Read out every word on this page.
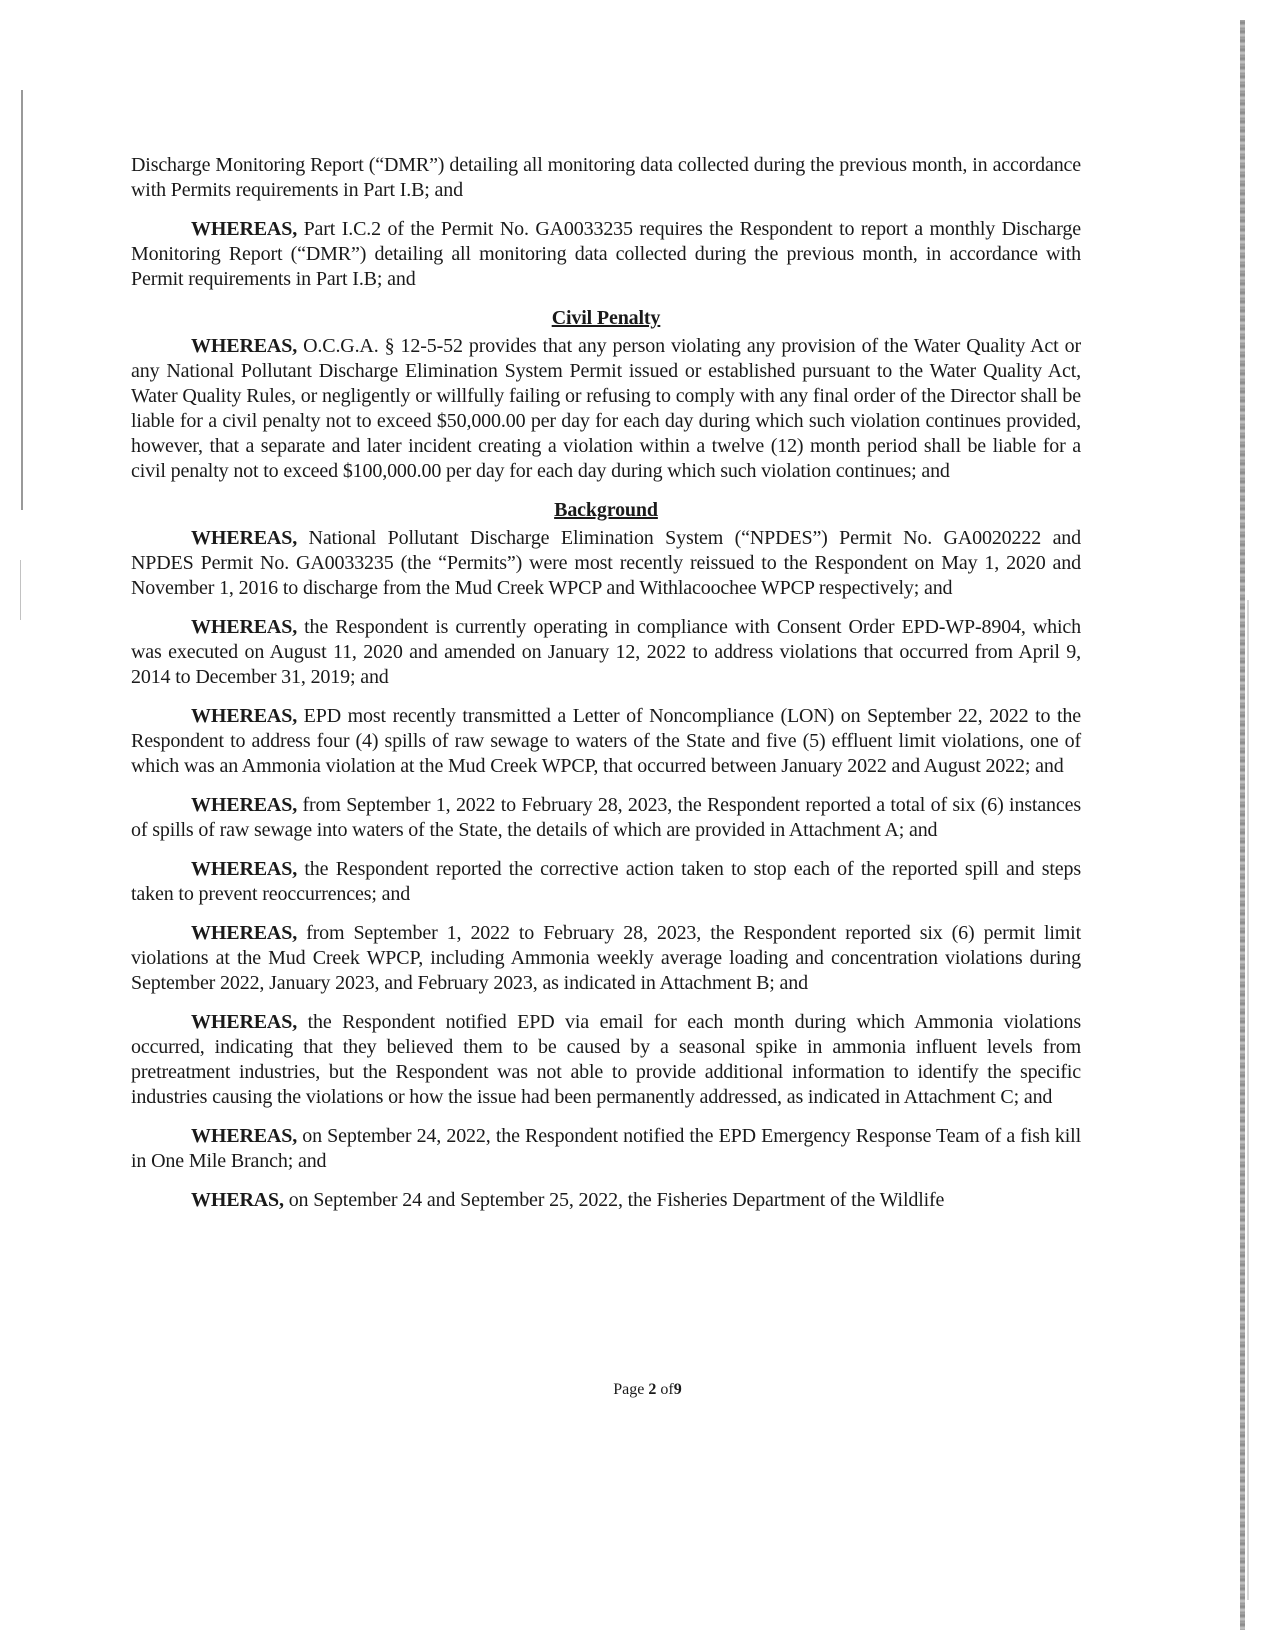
Discharge Monitoring Report (“DMR”) detailing all monitoring data collected during the previous month, in accordance with Permits requirements in Part I.B; and

WHEREAS, Part I.C.2 of the Permit No. GA0033235 requires the Respondent to report a monthly Discharge Monitoring Report (“DMR”) detailing all monitoring data collected during the previous month, in accordance with Permit requirements in Part I.B; and

Civil Penalty

WHEREAS, O.C.G.A. § 12-5-52 provides that any person violating any provision of the Water Quality Act or any National Pollutant Discharge Elimination System Permit issued or established pursuant to the Water Quality Act, Water Quality Rules, or negligently or willfully failing or refusing to comply with any final order of the Director shall be liable for a civil penalty not to exceed $50,000.00 per day for each day during which such violation continues provided, however, that a separate and later incident creating a violation within a twelve (12) month period shall be liable for a civil penalty not to exceed $100,000.00 per day for each day during which such violation continues; and

Background

WHEREAS, National Pollutant Discharge Elimination System (“NPDES”) Permit No. GA0020222 and NPDES Permit No. GA0033235 (the “Permits”) were most recently reissued to the Respondent on May 1, 2020 and November 1, 2016 to discharge from the Mud Creek WPCP and Withlacoochee WPCP respectively; and

WHEREAS, the Respondent is currently operating in compliance with Consent Order EPD-WP-8904, which was executed on August 11, 2020 and amended on January 12, 2022 to address violations that occurred from April 9, 2014 to December 31, 2019; and

WHEREAS, EPD most recently transmitted a Letter of Noncompliance (LON) on September 22, 2022 to the Respondent to address four (4) spills of raw sewage to waters of the State and five (5) effluent limit violations, one of which was an Ammonia violation at the Mud Creek WPCP, that occurred between January 2022 and August 2022; and

WHEREAS, from September 1, 2022 to February 28, 2023, the Respondent reported a total of six (6) instances of spills of raw sewage into waters of the State, the details of which are provided in Attachment A; and

WHEREAS, the Respondent reported the corrective action taken to stop each of the reported spill and steps taken to prevent reoccurrences; and

WHEREAS, from September 1, 2022 to February 28, 2023, the Respondent reported six (6) permit limit violations at the Mud Creek WPCP, including Ammonia weekly average loading and concentration violations during September 2022, January 2023, and February 2023, as indicated in Attachment B; and

WHEREAS, the Respondent notified EPD via email for each month during which Ammonia violations occurred, indicating that they believed them to be caused by a seasonal spike in ammonia influent levels from pretreatment industries, but the Respondent was not able to provide additional information to identify the specific industries causing the violations or how the issue had been permanently addressed, as indicated in Attachment C; and

WHEREAS, on September 24, 2022, the Respondent notified the EPD Emergency Response Team of a fish kill in One Mile Branch; and

WHERAS, on September 24 and September 25, 2022, the Fisheries Department of the Wildlife

Page 2 of9
